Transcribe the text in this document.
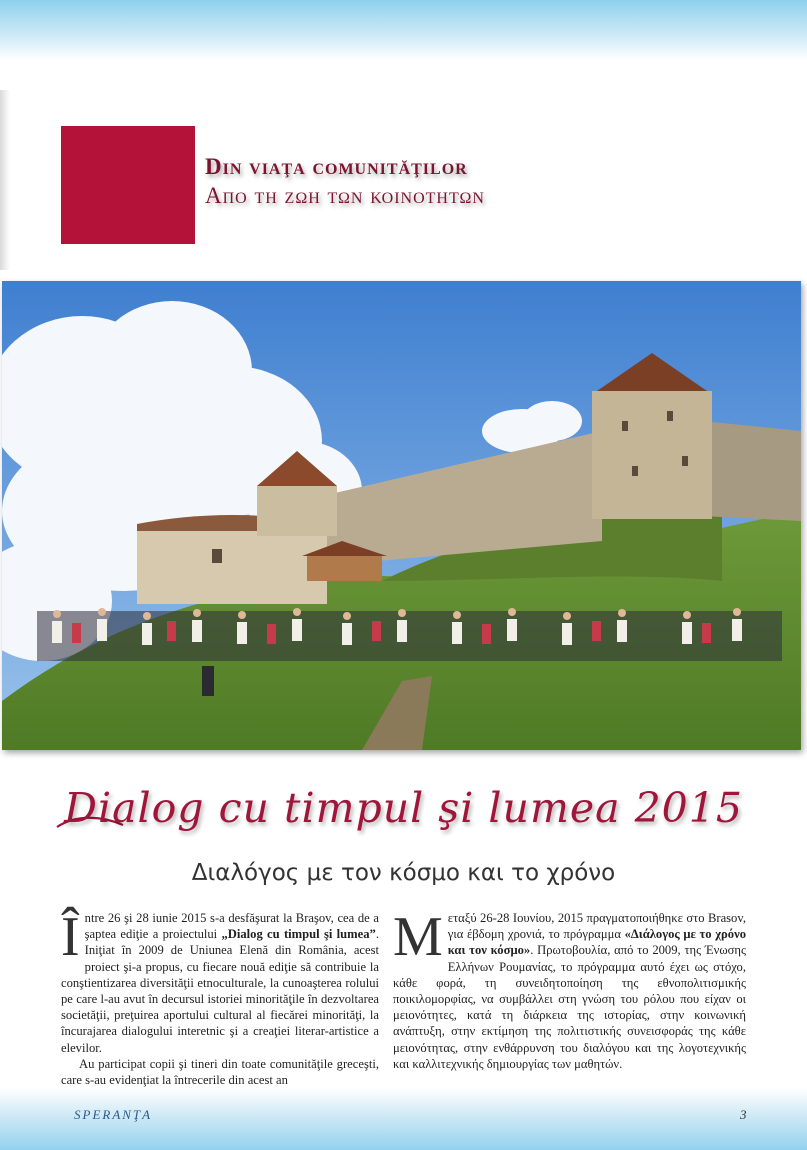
Din viaţa comunităţilor
Απο τη ζωη των κοινοτητων
Dialog cu timpul şi lumea 2015
Διαλόγος με τον κόσμο και το χρόνο

Între 26 şi 28 iunie 2015 s-a desfăşurat la Braşov, cea de a şaptea ediţie a proiectului „Dialog cu timpul şi lumea”. Iniţiat în 2009 de Uniunea Elenă din România, acest proiect şi-a propus, cu fiecare nouă ediţie să contribuie la conştientizarea diversităţii etnoculturale, la cunoaşterea rolului pe care l-au avut în decursul istoriei minorităţile în dezvoltarea societăţii, preţuirea aportului cultural al fiecărei minorităţi, la încurajarea dialogului interetnic şi a creaţiei literar-artistice a elevilor.

Au participat copii şi tineri din toate comunităţile greceşti, care s-au evidenţiat la întrecerile din acest an

Μεταξύ 26-28 Ιουνίου, 2015 πραγματοποιήθηκε στο Brasov, για έβδομη χρονιά, το πρόγραμμα «Διάλογος με το χρόνο και τον κόσμο». Πρωτοβουλία, από το 2009, της Ένωσης Ελλήνων Ρουμανίας, το πρόγραμμα αυτό έχει ως στόχο, κάθε φορά, τη συνειδητοποίηση της εθνοπολιτισμικής ποικιλομορφίας, να συμβάλλει στη γνώση του ρόλου που είχαν οι μειονότητες, κατά τη διάρκεια της ιστορίας, στην κοινωνική ανάπτυξη, στην εκτίμηση της πολιτιστικής συνεισφοράς της κάθε μειονότητας, στην ενθάρρυνση του διαλόγου και της λογοτεχνικής και καλλιτεχνικής δημιουργίας των μαθητών.

SPERANŢA	3
